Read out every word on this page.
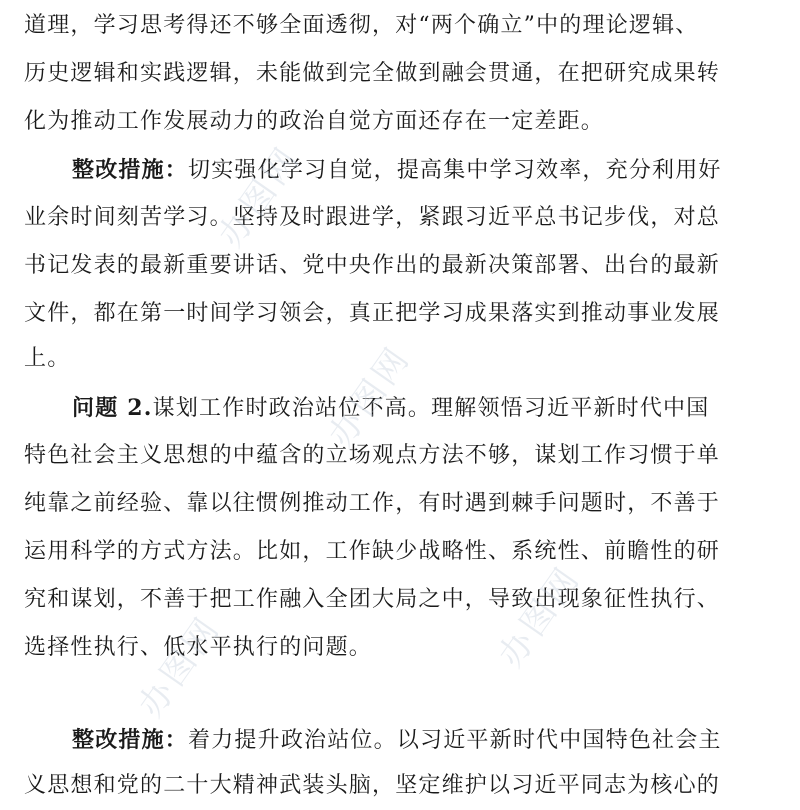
道理，学习思考得还不够全面透彻，对“两个确立”中的理论逻辑、
历史逻辑和实践逻辑，未能做到完全做到融会贯通，在把研究成果转
化为推动工作发展动力的政治自觉方面还存在一定差距。
整改措施：切实强化学习自觉，提高集中学习效率，充分利用好
业余时间刻苦学习。坚持及时跟进学，紧跟习近平总书记步伐，对总
书记发表的最新重要讲话、党中央作出的最新决策部署、出台的最新
文件，都在第一时间学习领会，真正把学习成果落实到推动事业发展
上。
问题 2.谋划工作时政治站位不高。理解领悟习近平新时代中国
特色社会主义思想的中蕴含的立场观点方法不够，谋划工作习惯于单
纯靠之前经验、靠以往惯例推动工作，有时遇到棘手问题时，不善于
运用科学的方式方法。比如，工作缺少战略性、系统性、前瞻性的研
究和谋划，不善于把工作融入全团大局之中，导致出现象征性执行、
选择性执行、低水平执行的问题。
整改措施：着力提升政治站位。以习近平新时代中国特色社会主
义思想和党的二十大精神武装头脑，坚定维护以习近平同志为核心的
办图网
办图网
办图网	办图网
